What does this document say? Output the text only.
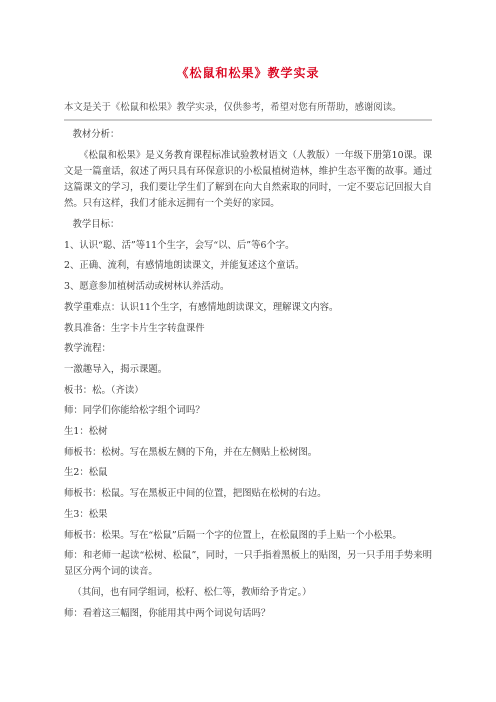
《松鼠和松果》教学实录
本文是关于《松鼠和松果》教学实录，仅供参考，希望对您有所帮助，感谢阅读。

教材分析：

《松鼠和松果》是义务教育课程标准试验教材语文（人教版）一年级下册第10课。课文是一篇童话，叙述了两只具有环保意识的小松鼠植树造林，维护生态平衡的故事。通过这篇课文的学习，我们要让学生们了解到在向大自然索取的同时，一定不要忘记回报大自然。只有这样，我们才能永远拥有一个美好的家园。

教学目标：

1、认识“聪、活”等11个生字，会写“以、后”等6个字。

2、正确、流利，有感情地朗读课文，并能复述这个童话。

3、愿意参加植树活动或树林认养活动。

教学重难点：认识11个生字，有感情地朗读课文，理解课文内容。

教具准备：生字卡片生字转盘课件

教学流程：

一激趣导入，揭示课题。

板书：松。（齐读）

师：同学们你能给松字组个词吗？

生1：松树

师板书：松树。写在黑板左侧的下角，并在左侧贴上松树图。

生2：松鼠

师板书：松鼠。写在黑板正中间的位置，把图贴在松树的右边。

生3：松果

师板书：松果。写在“松鼠”后隔一个字的位置上，在松鼠图的手上贴一个小松果。

师：和老师一起读“松树、松鼠”，同时，一只手指着黑板上的贴图，另一只手用手势来明显区分两个词的读音。

（其间，也有同学组词，松籽、松仁等，教师给予肯定。）

师：看着这三幅图，你能用其中两个词说句话吗？
